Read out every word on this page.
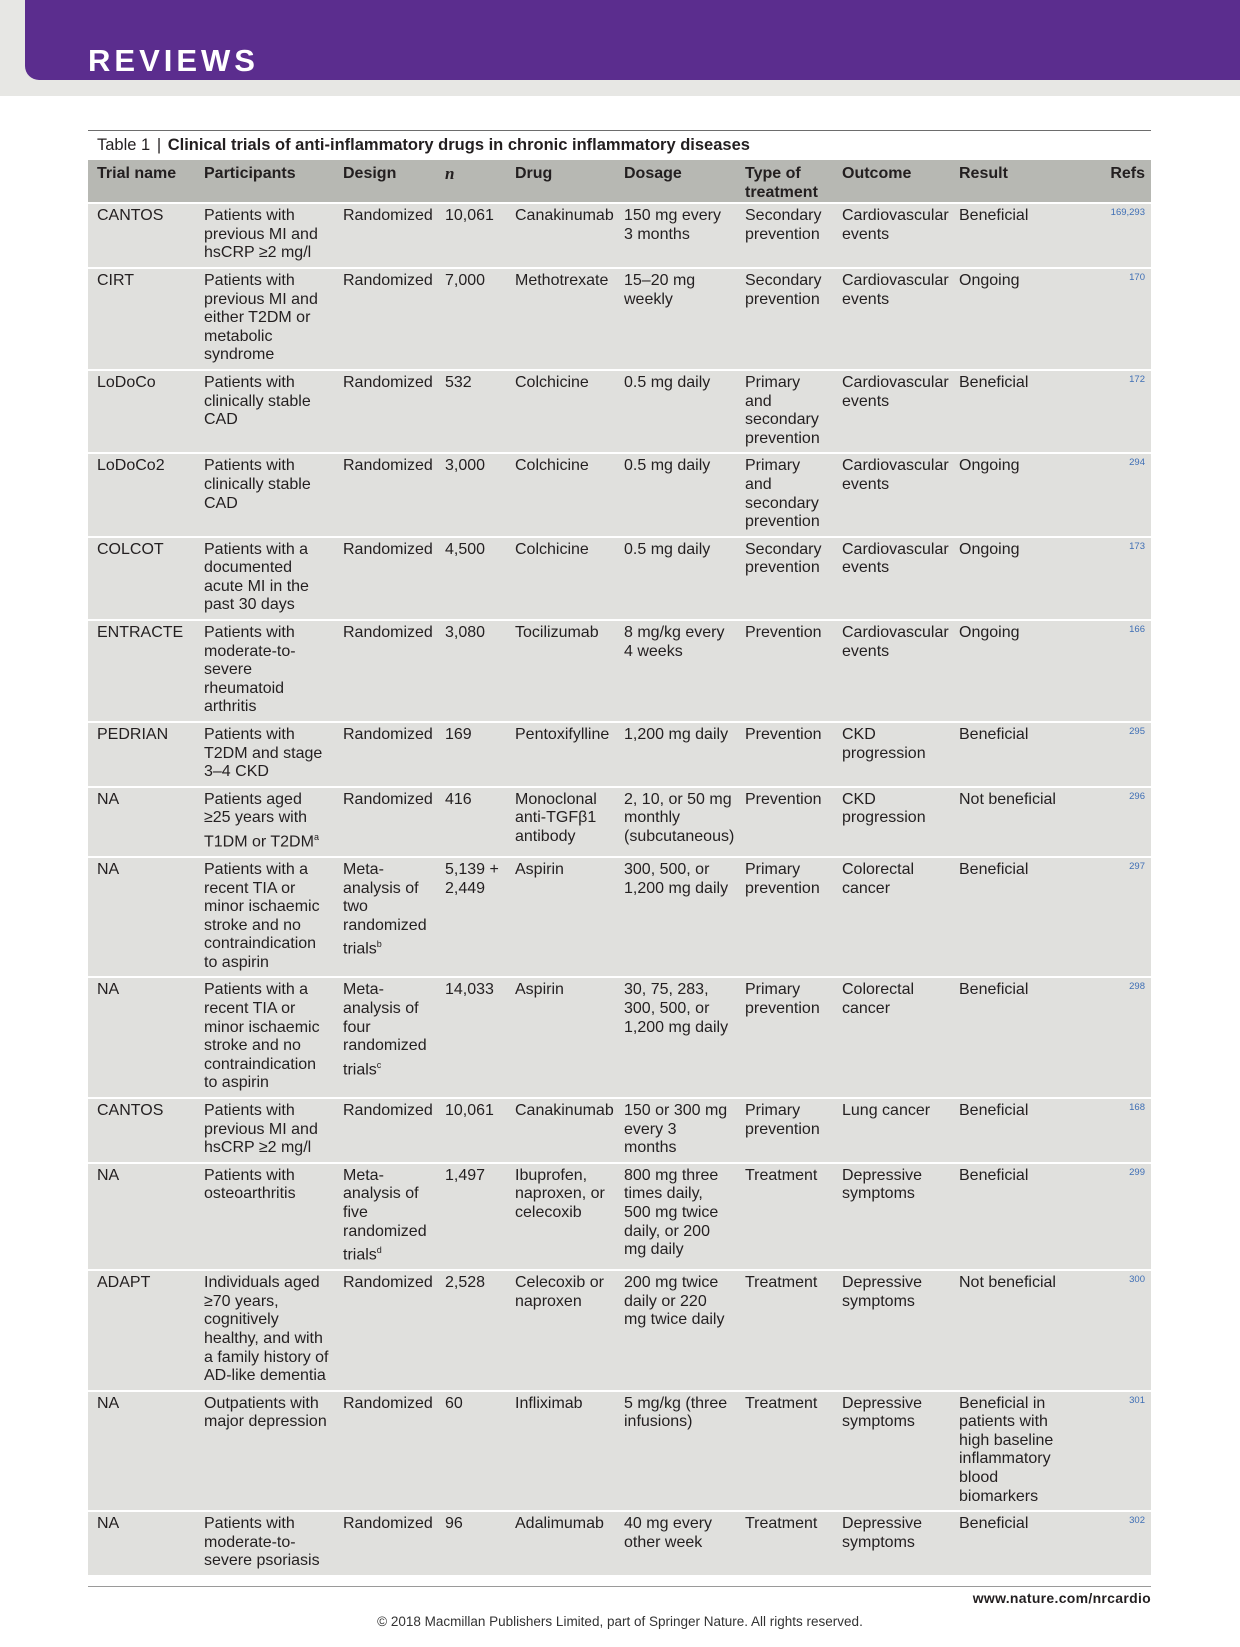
REVIEWS
Table 1 | Clinical trials of anti-inflammatory drugs in chronic inflammatory diseases
Trial name	Participants	Design	n	Drug	Dosage	Type of treatment	Outcome	Result	Refs
CANTOS	Patients with previous MI and hsCRP ≥2 mg/l	Randomized	10,061	Canakinumab	150 mg every 3 months	Secondary prevention	Cardiovascular events	Beneficial	$^{169,293}$
CIRT	Patients with previous MI and either T2DM or metabolic syndrome	Randomized	7,000	Methotrexate	15–20 mg weekly	Secondary prevention	Cardiovascular events	Ongoing	$^{170}$
LoDoCo	Patients with clinically stable CAD	Randomized	532	Colchicine	0.5 mg daily	Primary and secondary prevention	Cardiovascular events	Beneficial	$^{172}$
LoDoCo2	Patients with clinically stable CAD	Randomized	3,000	Colchicine	0.5 mg daily	Primary and secondary prevention	Cardiovascular events	Ongoing	$^{294}$
COLCOT	Patients with a documented acute MI in the past 30 days	Randomized	4,500	Colchicine	0.5 mg daily	Secondary prevention	Cardiovascular events	Ongoing	$^{173}$
ENTRACTE	Patients with moderate-to-severe rheumatoid arthritis	Randomized	3,080	Tocilizumab	8 mg/kg every 4 weeks	Prevention	Cardiovascular events	Ongoing	$^{166}$
PEDRIAN	Patients with T2DM and stage 3–4 CKD	Randomized	169	Pentoxifylline	1,200 mg daily	Prevention	CKD progression	Beneficial	$^{295}$
NA	Patients aged ≥25 years with T1DM or $T2DM^a$	Randomized	416	Monoclonal anti-TGFβ1 antibody	2, 10, or 50 mg monthly (subcutaneous)	Prevention	CKD progression	Not beneficial	$^{296}$
NA	Patients with a recent TIA or minor ischaemic stroke and no contraindication to aspirin	Meta-analysis of two randomized trials$^b$	5,139 + 2,449	Aspirin	300, 500, or 1,200 mg daily	Primary prevention	Colorectal cancer	Beneficial	$^{297}$
NA	Patients with a recent TIA or minor ischaemic stroke and no contraindication to aspirin	Meta-analysis of four randomized trials$^c$	14,033	Aspirin	30, 75, 283, 300, 500, or 1,200 mg daily	Primary prevention	Colorectal cancer	Beneficial	$^{298}$
CANTOS	Patients with previous MI and hsCRP ≥2 mg/l	Randomized	10,061	Canakinumab	150 or 300 mg every 3 months	Primary prevention	Lung cancer	Beneficial	$^{168}$
NA	Patients with osteoarthritis	Meta-analysis of five randomized trials$^d$	1,497	Ibuprofen, naproxen, or celecoxib	800 mg three times daily, 500 mg twice daily, or 200 mg daily	Treatment	Depressive symptoms	Beneficial	$^{299}$
ADAPT	Individuals aged ≥70 years, cognitively healthy, and with a family history of AD-like dementia	Randomized	2,528	Celecoxib or naproxen	200 mg twice daily or 220 mg twice daily	Treatment	Depressive symptoms	Not beneficial	$^{300}$
NA	Outpatients with major depression	Randomized	60	Infliximab	5 mg/kg (three infusions)	Treatment	Depressive symptoms	Beneficial in patients with high baseline inflammatory blood biomarkers	$^{301}$
NA	Patients with moderate-to-severe psoriasis	Randomized	96	Adalimumab	40 mg every other week	Treatment	Depressive symptoms	Beneficial	$^{302}$
www.nature.com/nrcardio
© 2018 Macmillan Publishers Limited, part of Springer Nature. All rights reserved.
